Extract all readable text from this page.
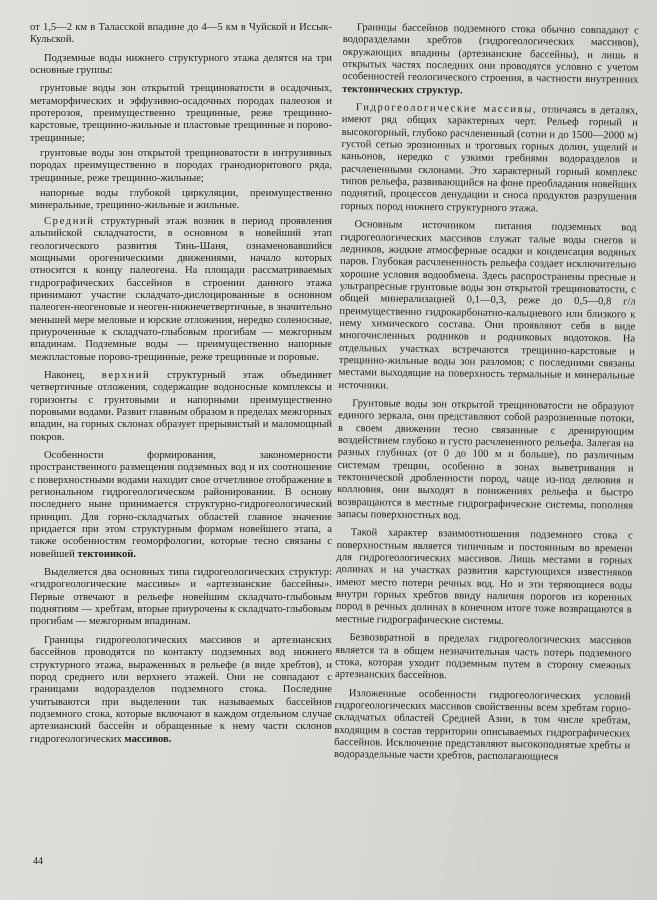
от 1,5—2 км в Таласской впадине до 4—5 км в Чуйской и Иссык-Кульской.

Подземные воды нижнего структурного этажа делятся на три основные группы:

грунтовые воды зон открытой трещиноватости в осадочных, метаморфических и эффузивно-осадочных породах палеозоя и протерозоя, преимущественно трещинные, реже трещинно-карстовые, трещинно-жильные и пластовые трещинные и порово-трещинные;

грунтовые воды зон открытой трещиноватости в интрузивных породах преимущественно в породах гранодиоритового ряда, трещинные, реже трещинно-жильные;

напорные воды глубокой циркуляции, преимущественно минеральные, трещинно-жильные и жильные.

Средний структурный этаж возник в период проявления альпийской складчатости, в основном в новейший этап геологического развития Тянь-Шаня, ознаменовавшийся мощными орогеническими движениями, начало которых относится к концу палеогена. На площади рассматриваемых гидрографических бассейнов в строении данного этажа принимают участие складчато-дислоцированные в основном палеоген-неогеновые и неоген-нижнечетвертичные, в значительно меньшей мере меловые и юрские отложения, нередко соленосные, приуроченные к складчато-глыбовым прогибам — межгорным впадинам. Подземные воды — преимущественно напорные межпластовые порово-трещинные, реже трещинные и поровые.

Наконец, верхний структурный этаж объединяет четвертичные отложения, содержащие водоносные комплексы и горизонты с грунтовыми и напорными преимущественно поровыми водами. Развит главным образом в пределах межгорных впадин, на горных склонах образует прерывистый и маломощный покров.

Особенности формирования, закономерности пространственного размещения подземных вод и их соотношение с поверхностными водами находит свое отчетливое отображение в региональном гидрогеологическом районировании. В основу последнего ныне принимается структурно-гидрогеологический принцип. Для горно-складчатых областей главное значение придается при этом структурным формам новейшего этапа, а также особенностям геоморфологии, которые тесно связаны с новейшей тектоникой.

Выделяется два основных типа гидрогеологических структур: «гидрогеологические массивы» и «артезианские бассейны». Первые отвечают в рельефе новейшим складчато-глыбовым поднятиям — хребтам, вторые приурочены к складчато-глыбовым прогибам — межгорным впадинам.

Границы гидрогеологических массивов и артезианских бассейнов проводятся по контакту подземных вод нижнего структурного этажа, выраженных в рельефе (в виде хребтов), и пород среднего или верхнего этажей. Они не совпадают с границами водоразделов подземного стока. Последние учитываются при выделении так называемых бассейнов подземного стока, которые включают в каждом отдельном случае артезианский бассейн и обращенные к нему части склонов гидрогеологических массивов.

Границы бассейнов подземного стока обычно совпадают с водоразделами хребтов (гидрогеологических массивов), окружающих впадины (артезианские бассейны), и лишь в открытых частях последних они проводятся условно с учетом особенностей геологического строения, в частности внутренних тектонических структур.

Гидрогеологические массивы, отличаясь в деталях, имеют ряд общих характерных черт. Рельеф горный и высокогорный, глубоко расчлененный (сотни и до 1500—2000 м) густой сетью эрозионных и троговых горных долин, ущелий и каньонов, нередко с узкими гребнями водоразделов и расчлененными склонами. Это характерный горный комплекс типов рельефа, развивающийся на фоне преобладания новейших поднятий, процессов денудации и сноса продуктов разрушения горных пород нижнего структурного этажа.

Основным источником питания подземных вод гидрогеологических массивов служат талые воды снегов и ледников, жидкие атмосферные осадки и конденсация водяных паров. Глубокая расчлененность рельефа создает исключительно хорошие условия водообмена. Здесь распространены пресные и ультрапресные грунтовые воды зон открытой трещиноватости, с общей минерализацией 0,1—0,3, реже до 0,5—0,8 г/л преимущественно гидрокарбонатно-кальциевого или близкого к нему химического состава. Они проявляют себя в виде многочисленных родников и родниковых водотоков. На отдельных участках встречаются трещинно-карстовые и трещинно-жильные воды зон разломов; с последними связаны местами выходящие на поверхность термальные и минеральные источники.

Грунтовые воды зон открытой трещиноватости не образуют единого зеркала, они представляют собой разрозненные потоки, в своем движении тесно связанные с дренирующим воздействием глубоко и густо расчлененного рельефа. Залегая на разных глубинах (от 0 до 100 м и больше), по различным системам трещин, особенно в зонах выветривания и тектонической дробленности пород, чаще из-под делювия и коллювия, они выходят в понижениях рельефа и быстро возвращаются в местные гидрографические системы, пополняя запасы поверхностных вод.

Такой характер взаимоотношения подземного стока с поверхностным является типичным и постоянным во времени для гидрогеологических массивов. Лишь местами в горных долинах и на участках развития карстующихся известняков имеют место потери речных вод. Но и эти теряющиеся воды внутри горных хребтов ввиду наличия порогов из коренных пород в речных долинах в конечном итоге тоже возвращаются в местные гидрографические системы.

Безвозвратной в пределах гидрогеологических массивов является та в общем незначительная часть потерь подземного стока, которая уходит подземным путем в сторону смежных артезианских бассейнов.

Изложенные особенности гидрогеологических условий гидрогеологических массивов свойственны всем хребтам горно-складчатых областей Средней Азии, в том числе хребтам, входящим в состав территории описываемых гидрографических бассейнов. Исключение представляют высокоподнятые хребты и водораздельные части хребтов, располагающиеся

44
